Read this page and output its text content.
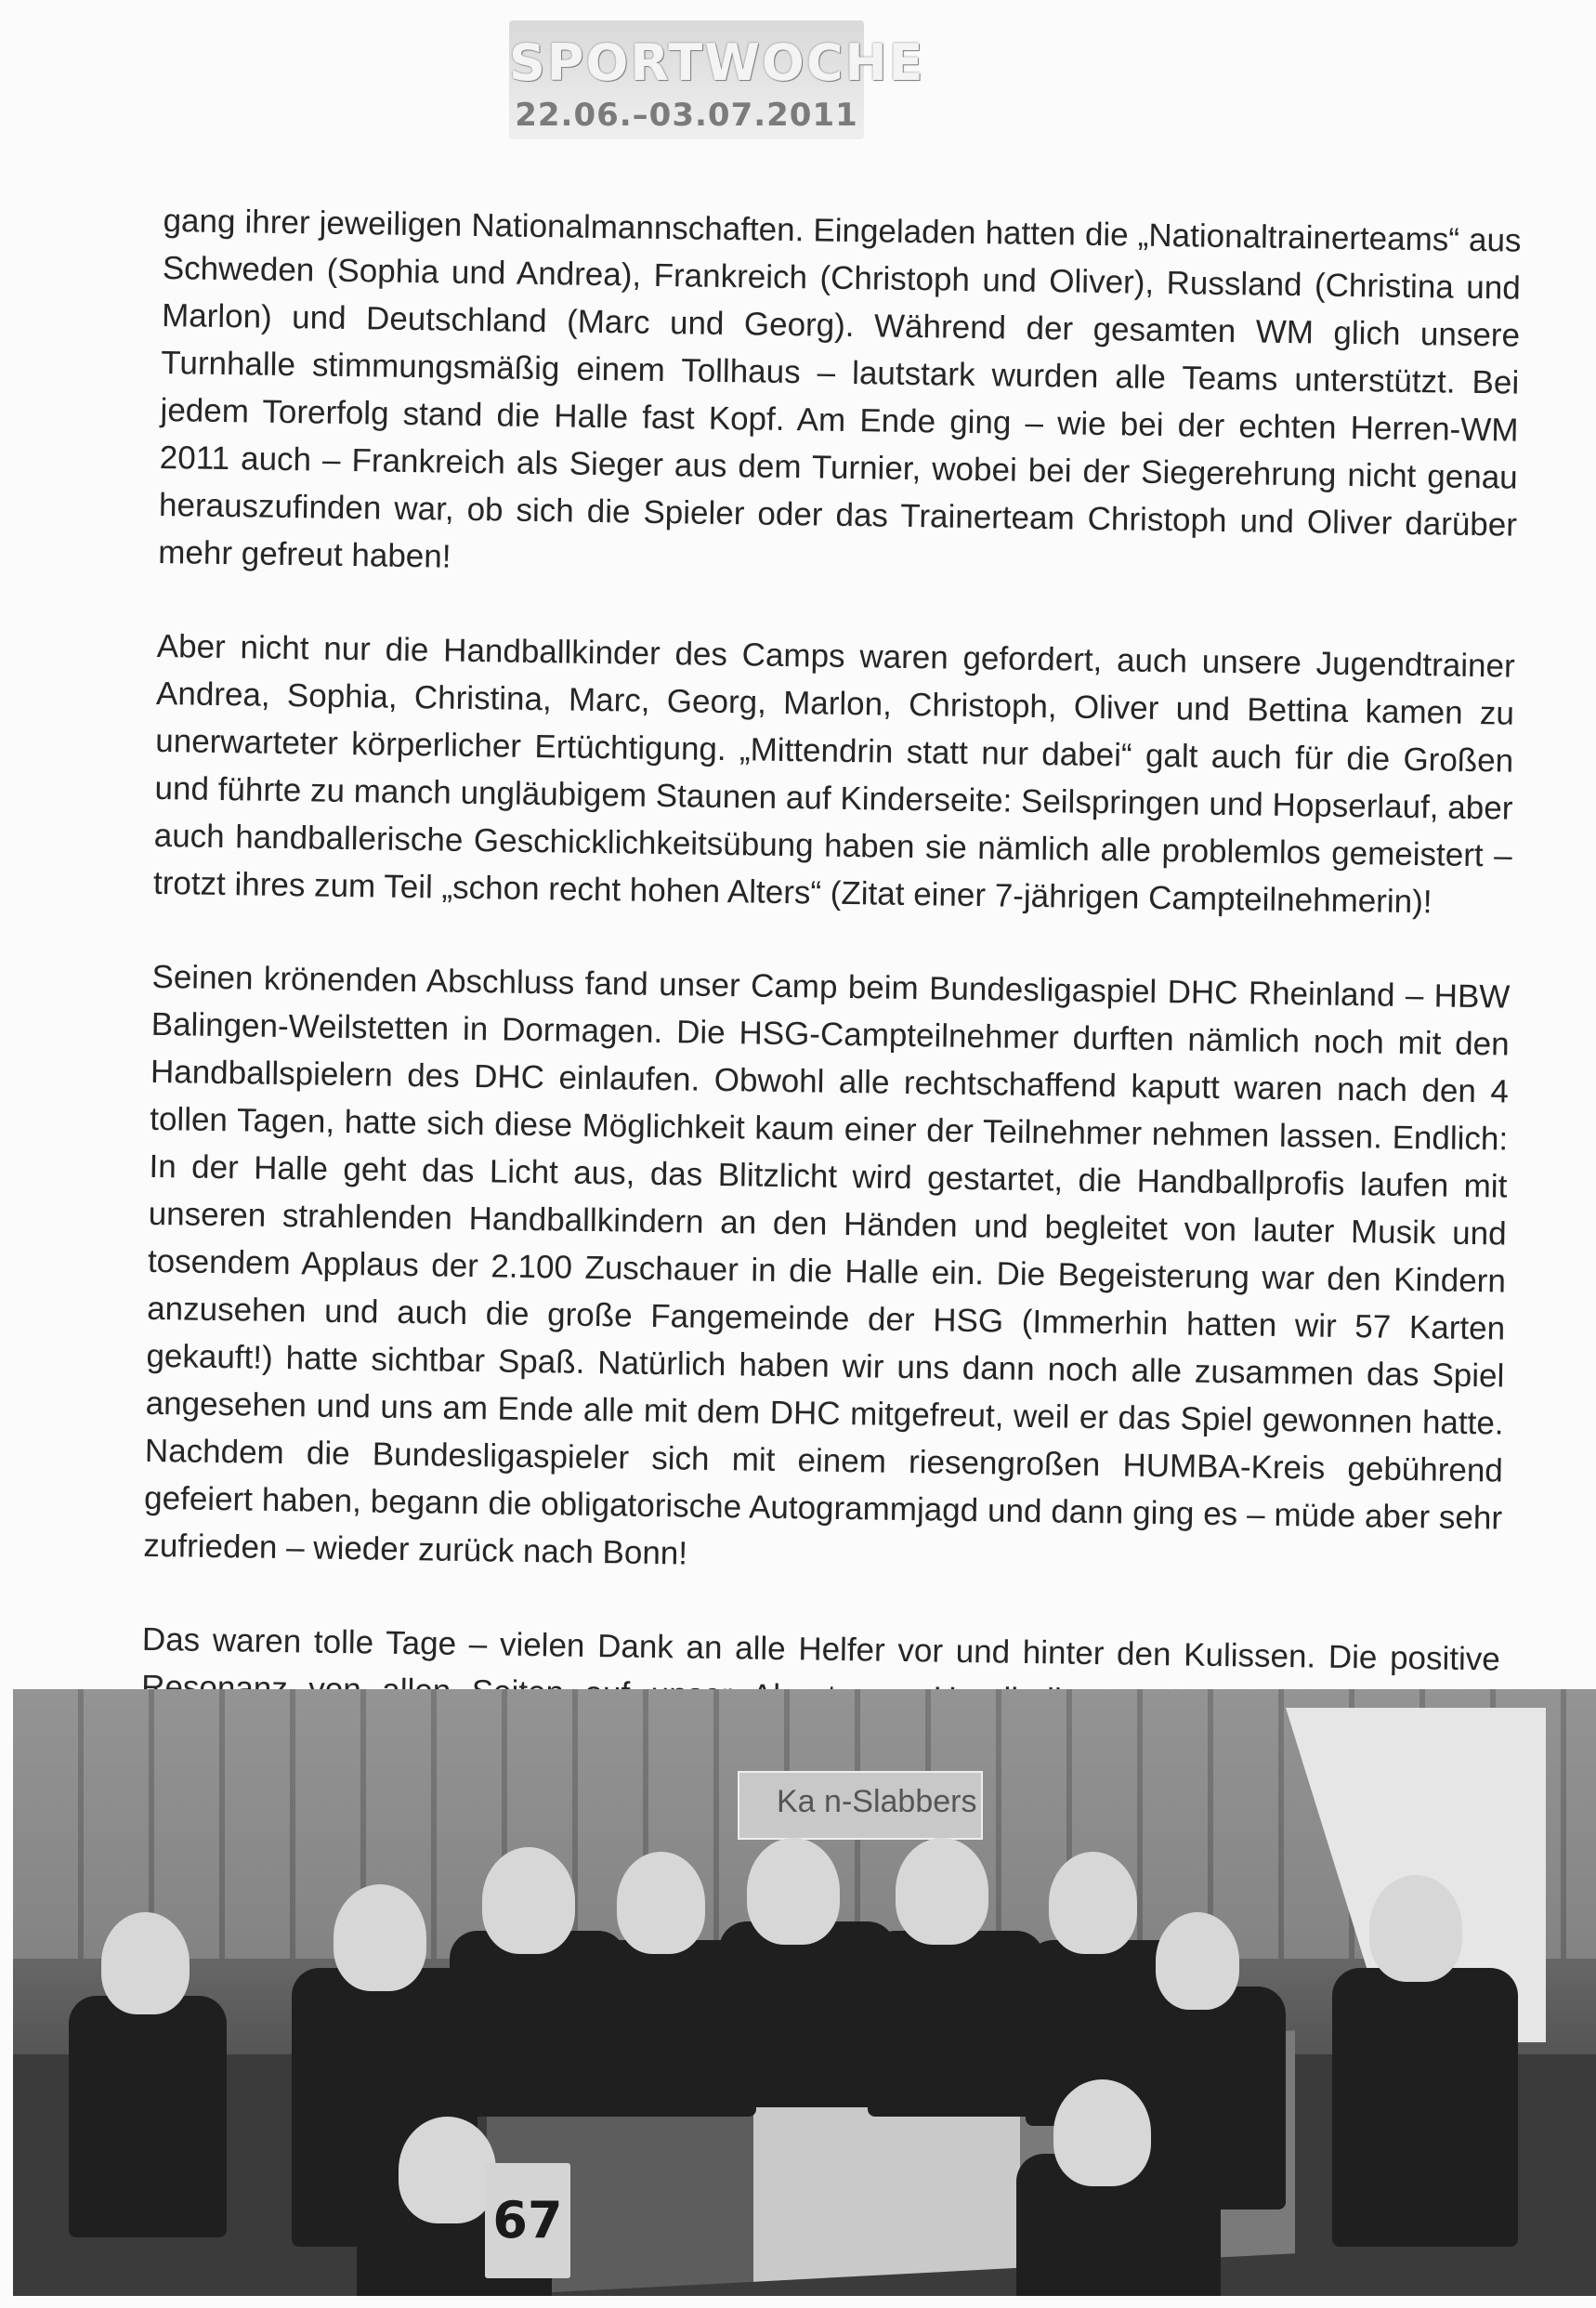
SPORTWOCHE
22.06.–03.07.2011

gang ihrer jeweiligen Nationalmannschaften. Eingeladen hatten die „Nationaltrainerteams“ aus Schweden (Sophia und Andrea), Frankreich (Christoph und Oliver), Russland (Christina und Marlon) und Deutschland (Marc und Georg). Während der gesamten WM glich unsere Turnhalle stimmungsmäßig einem Tollhaus – lautstark wurden alle Teams unterstützt. Bei jedem Torerfolg stand die Halle fast Kopf. Am Ende ging – wie bei der echten Herren-WM 2011 auch – Frankreich als Sieger aus dem Turnier, wobei bei der Siegerehrung nicht genau herauszufinden war, ob sich die Spieler oder das Trainerteam Christoph und Oliver darüber mehr gefreut haben!

Aber nicht nur die Handballkinder des Camps waren gefordert, auch unsere Jugendtrainer Andrea, Sophia, Christina, Marc, Georg, Marlon, Christoph, Oliver und Bettina kamen zu unerwarteter körperlicher Ertüchtigung. „Mittendrin statt nur dabei“ galt auch für die Großen und führte zu manch ungläubigem Staunen auf Kinderseite: Seilspringen und Hopserlauf, aber auch handballerische Geschicklichkeitsübung haben sie nämlich alle problemlos gemeistert – trotzt ihres zum Teil „schon recht hohen Alters“ (Zitat einer 7-jährigen Campteilnehmerin)!

Seinen krönenden Abschluss fand unser Camp beim Bundesligaspiel DHC Rheinland – HBW Balingen-Weilstetten in Dormagen. Die HSG-Campteilnehmer durften nämlich noch mit den Handballspielern des DHC einlaufen. Obwohl alle rechtschaffend kaputt waren nach den 4 tollen Tagen, hatte sich diese Möglichkeit kaum einer der Teilnehmer nehmen lassen. Endlich: In der Halle geht das Licht aus, das Blitzlicht wird gestartet, die Handballprofis laufen mit unseren strahlenden Handballkindern an den Händen und begleitet von lauter Musik und tosendem Applaus der 2.100 Zuschauer in die Halle ein. Die Begeisterung war den Kindern anzusehen und auch die große Fangemeinde der HSG (Immerhin hatten wir 57 Karten gekauft!) hatte sichtbar Spaß. Natürlich haben wir uns dann noch alle zusammen das Spiel angesehen und uns am Ende alle mit dem DHC mitgefreut, weil er das Spiel gewonnen hatte. Nachdem die Bundesligaspieler sich mit einem riesengroßen HUMBA-Kreis gebührend gefeiert haben, begann die obligatorische Autogrammjagd und dann ging es – müde aber sehr zufrieden – wieder zurück nach Bonn!

Das waren tolle Tage – vielen Dank an alle Helfer vor und hinter den Kulissen. Die positive Resonanz

Ka n-Slabbers
67
